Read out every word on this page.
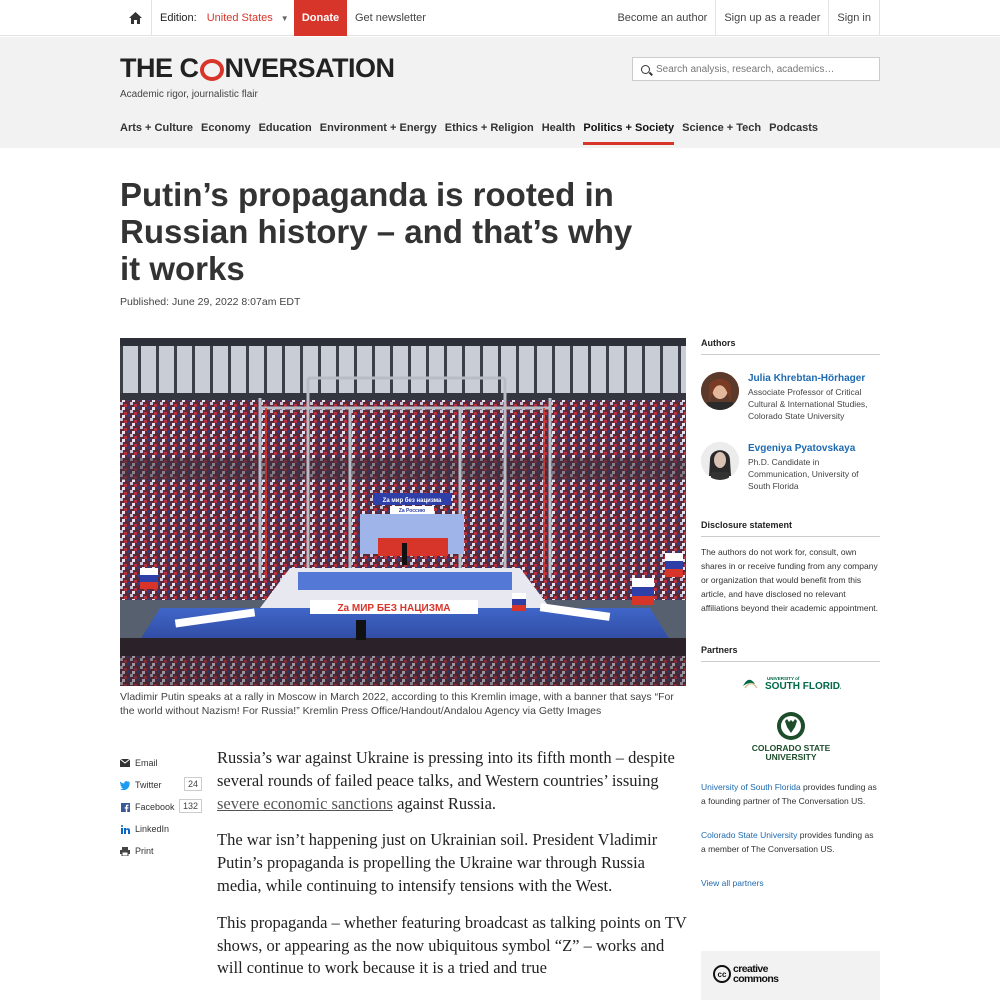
Edition: United States ▼	Donate	Get newsletter	Become an author	Sign up as a reader	Sign in
THE C NVERSATION
Academic rigor, journalistic flair
Search analysis, research, academics…
Arts + Culture Economy Education Environment + Energy Ethics + Religion Health Politics + Society Science + Tech Podcasts
Putin’s propaganda is rooted in Russian history – and that’s why it works
Published: June 29, 2022 8:07am EDT
Zа мир без нацизма
Zа Россию
Zа МИР БЕЗ НАЦИЗМА
Vladimir Putin speaks at a rally in Moscow in March 2022, according to this Kremlin image, with a banner that says “For the world without Nazism! For Russia!” Kremlin Press Office/Handout/Andalou Agency via Getty Images
Email
Twitter	24
Facebook 132
LinkedIn
Print

Russia’s war against Ukraine is pressing into its fifth month – despite several rounds of failed peace talks, and Western countries’ issuing severe economic sanctions against Russia.

The war isn’t happening just on Ukrainian soil. President Vladimir Putin’s propaganda is propelling the Ukraine war through Russia media, while continuing to intensify tensions with the West.

This propaganda – whether featuring broadcast as talking points on TV shows, or appearing as the now ubiquitous symbol “Z” – works and will continue to work because it is a tried and true

Authors
Julia Khrebtan-Hörhager
Associate Professor of Critical Cultural & International Studies, Colorado State University
Evgeniya Pyatovskaya
Ph.D. Candidate in Communication, University of South Florida
Disclosure statement
The authors do not work for, consult, own shares in or receive funding from any company or organization that would benefit from this article, and have disclosed no relevant affiliations beyond their academic appointment.
Partners
UNIVERSITY of
SOUTH FLORIDA
COLORADO STATE
UNIVERSITY
University of South Florida provides funding as a founding partner of The Conversation US.
Colorado State University provides funding as a member of The Conversation US.
View all partners
cc creative commons
